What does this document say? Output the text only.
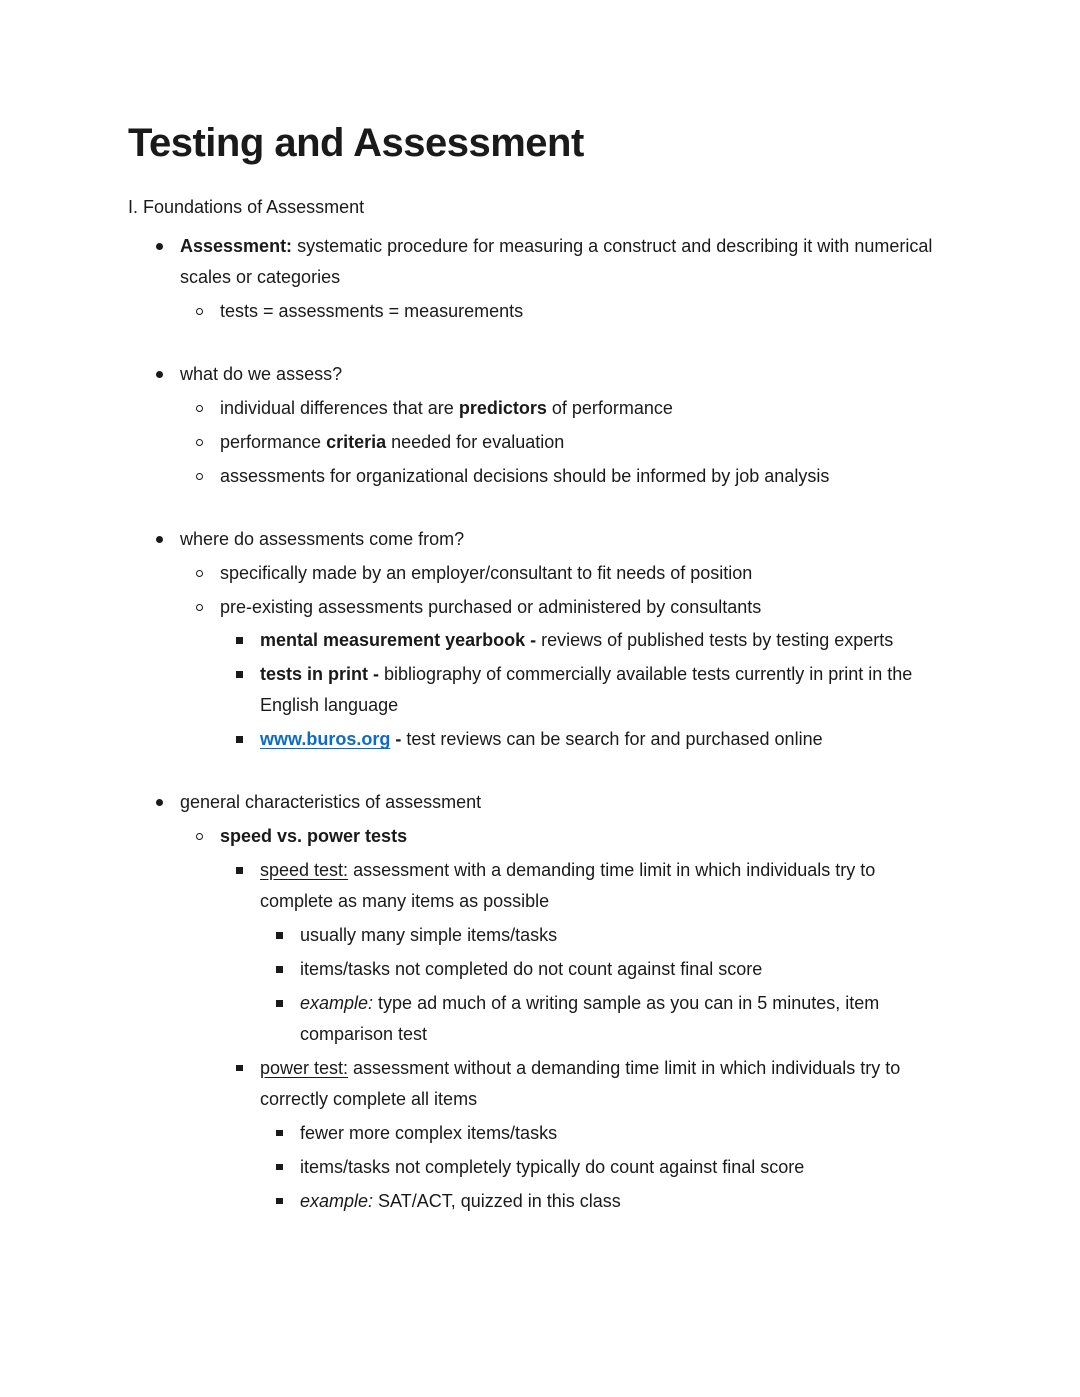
Testing and Assessment

I. Foundations of Assessment

Assessment: systematic procedure for measuring a construct and describing it with numerical scales or categories
tests = assessments = measurements
what do we assess?
individual differences that are predictors of performance
performance criteria needed for evaluation
assessments for organizational decisions should be informed by job analysis
where do assessments come from?
specifically made by an employer/consultant to fit needs of position
pre-existing assessments purchased or administered by consultants
mental measurement yearbook - reviews of published tests by testing experts
tests in print - bibliography of commercially available tests currently in print in the English language
www.buros.org - test reviews can be search for and purchased online
general characteristics of assessment
speed vs. power tests
speed test: assessment with a demanding time limit in which individuals try to complete as many items as possible
usually many simple items/tasks
items/tasks not completed do not count against final score
example: type ad much of a writing sample as you can in 5 minutes, item comparison test
power test: assessment without a demanding time limit in which individuals try to correctly complete all items
fewer more complex items/tasks
items/tasks not completely typically do count against final score
example: SAT/ACT, quizzed in this class
